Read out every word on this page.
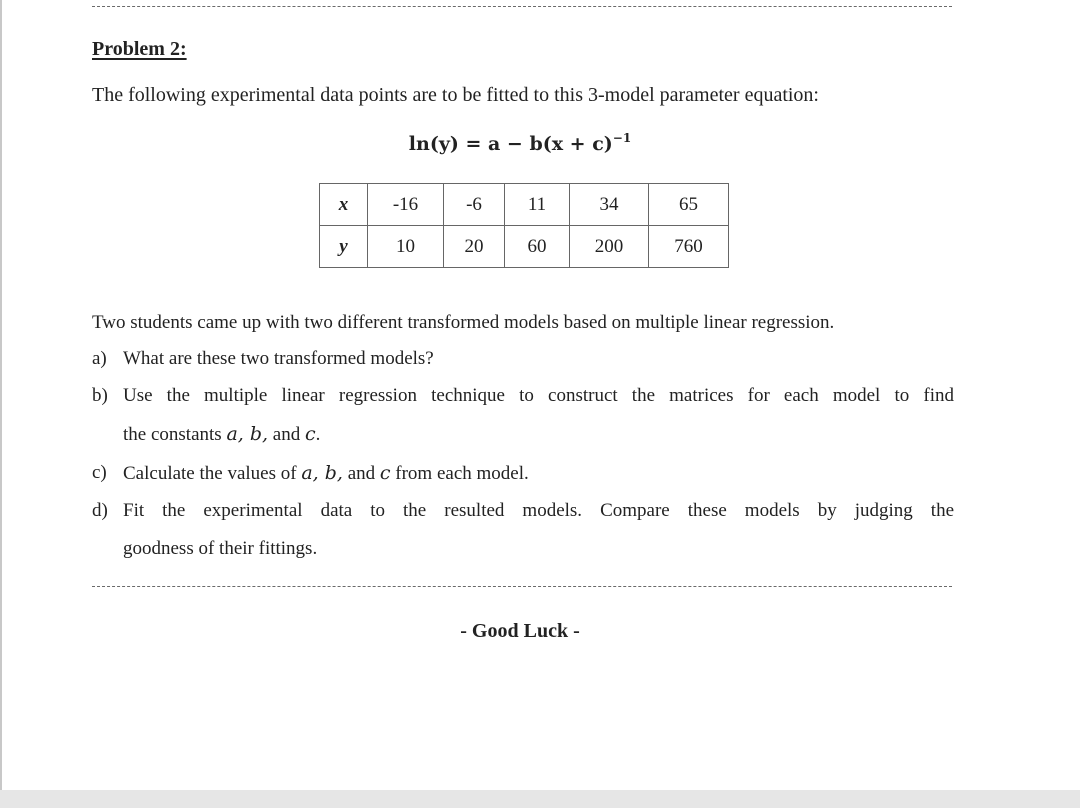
Problem 2:
The following experimental data points are to be fitted to this 3-model parameter equation:
$\ln(y) = a - b(x + c)^{-1}$
x	-16	-6	11	34	65
y	10	20	60	200	760
Two students came up with two different transformed models based on multiple linear regression.
a) What are these two transformed models?
b) Use the multiple linear regression technique to construct the matrices for each model to find
the constants a, b, and c.
c) Calculate the values of a, b, and c from each model.
d) Fit the experimental data to the resulted models. Compare these models by judging the
goodness of their fittings.
- Good Luck -
